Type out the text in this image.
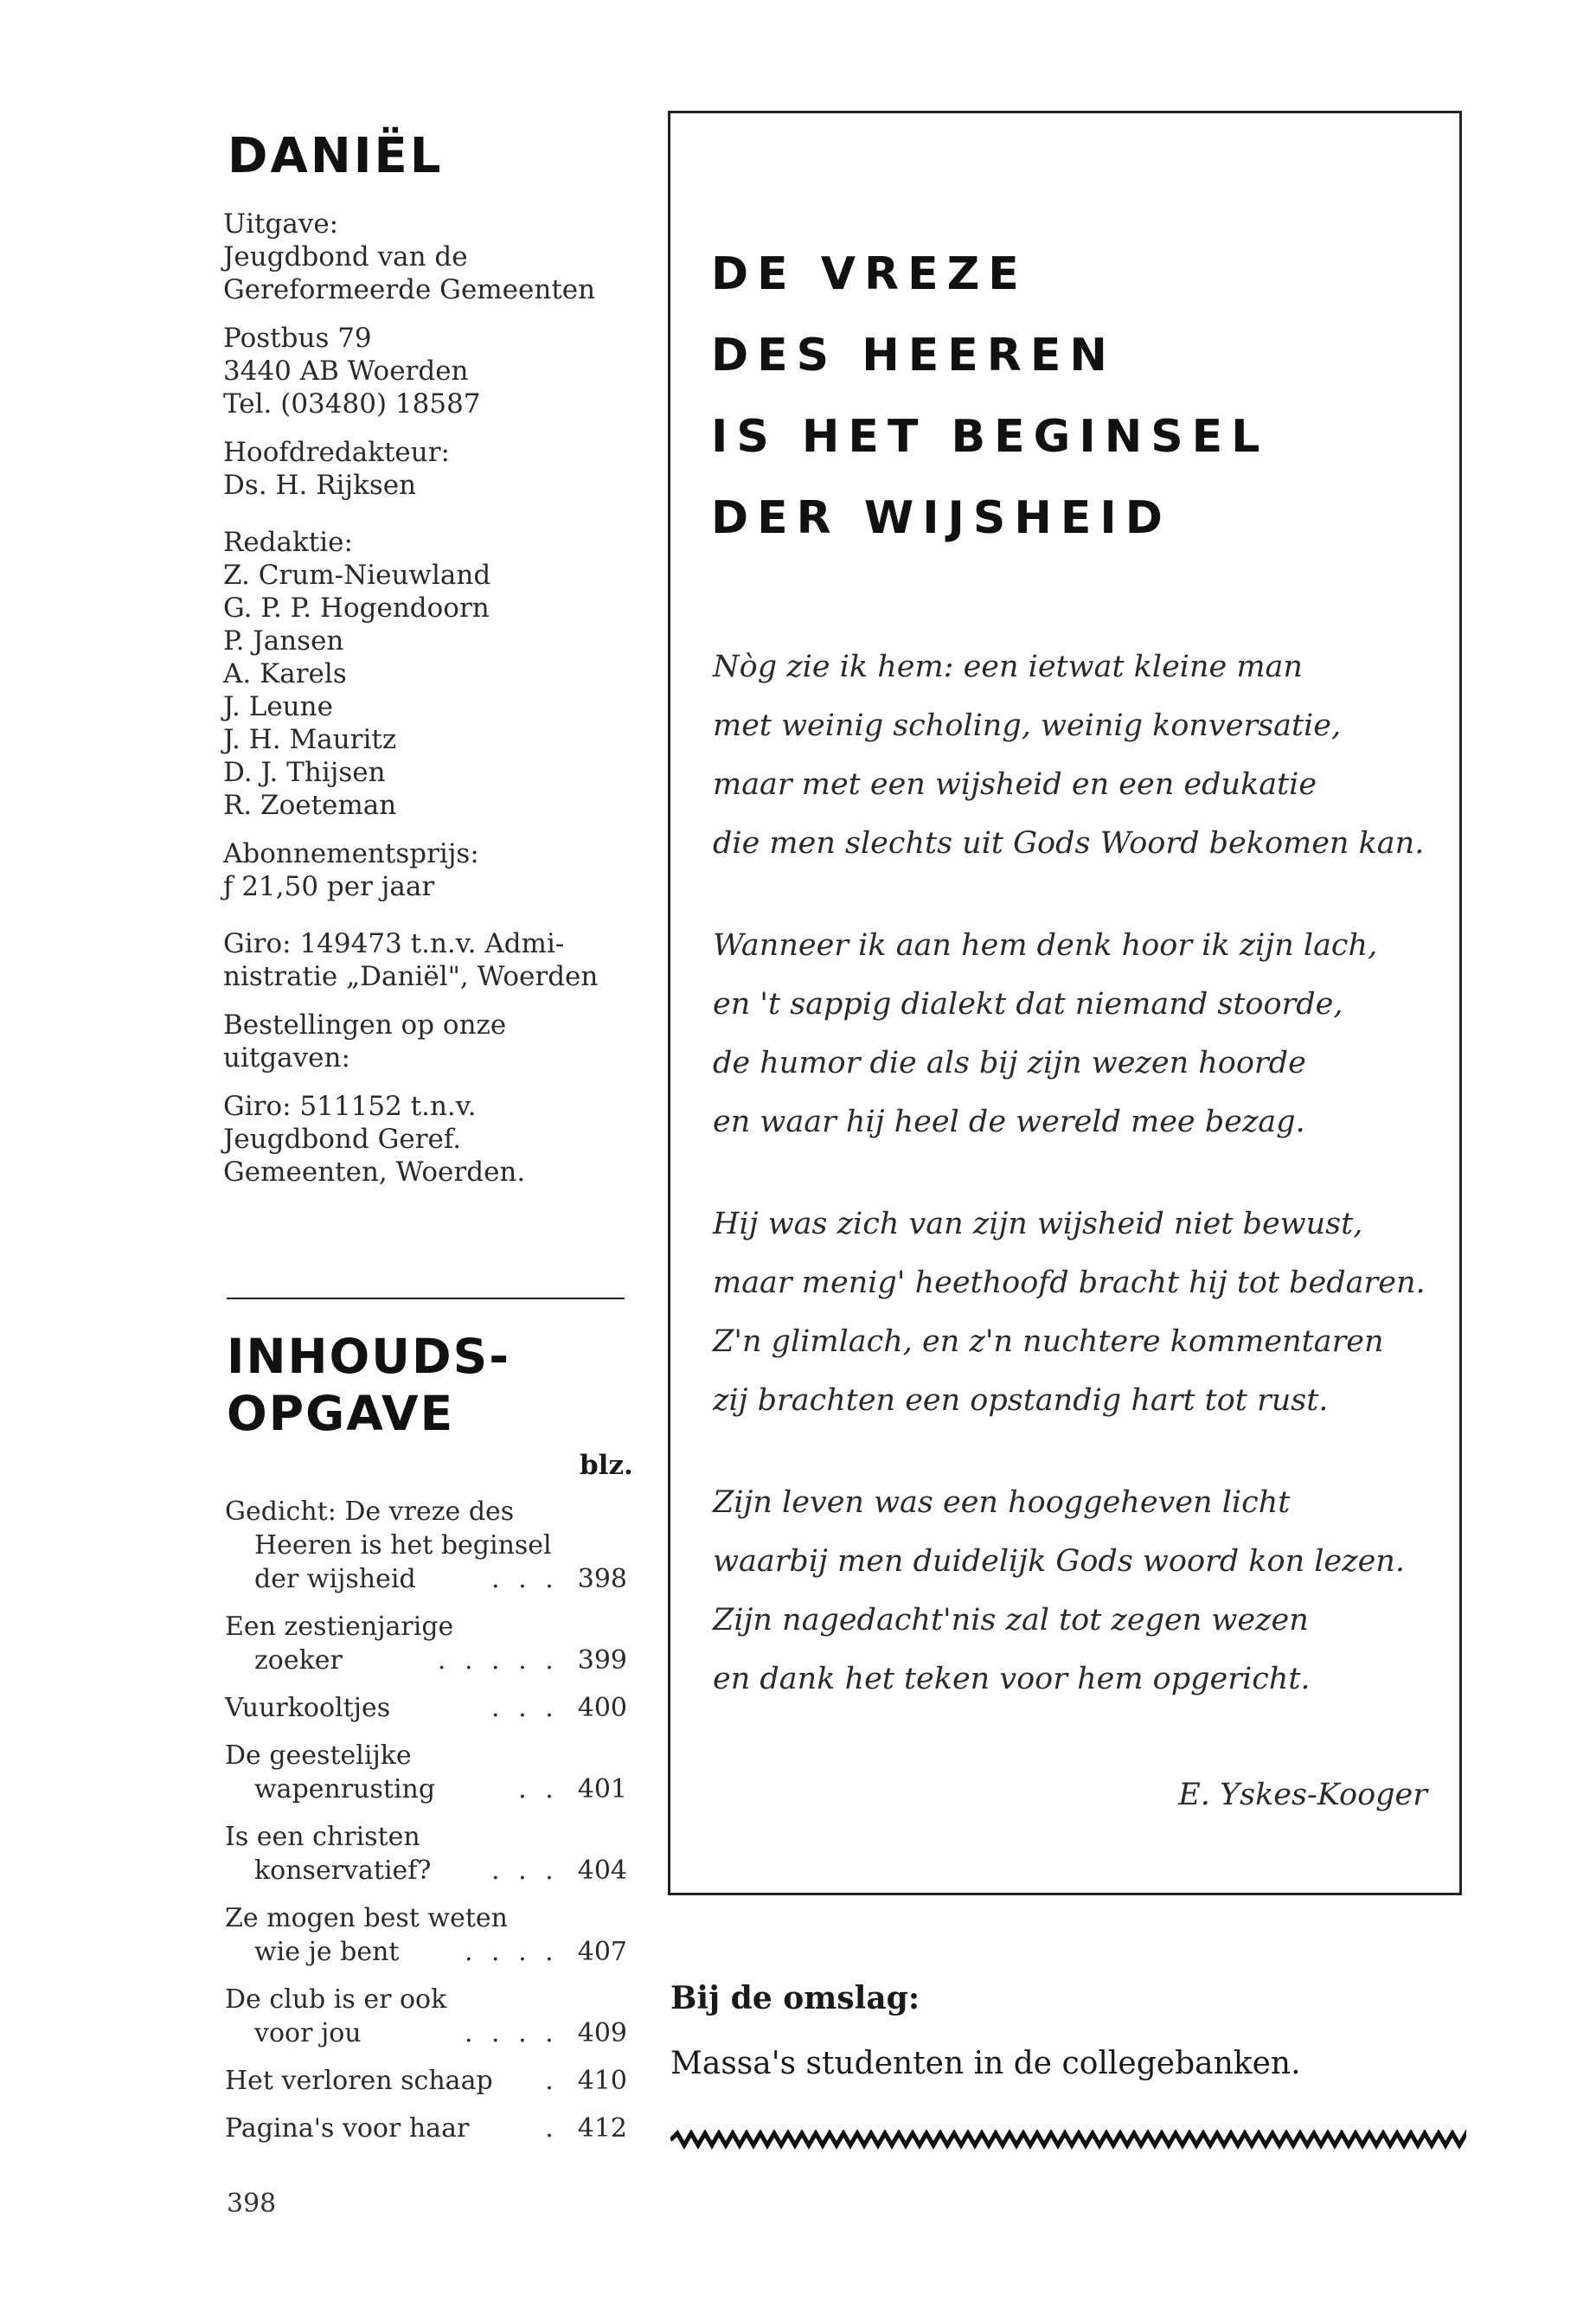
DANIËL
Uitgave:
Jeugdbond van de
Gereformeerde Gemeenten
Postbus 79
3440 AB Woerden
Tel. (03480) 18587
Hoofdredakteur:
Ds. H. Rijksen
Redaktie:
Z. Crum-Nieuwland
G. P. P. Hogendoorn
P. Jansen
A. Karels
J. Leune
J. H. Mauritz
D. J. Thijsen
R. Zoeteman
Abonnementsprijs:
ƒ 21,50 per jaar
Giro: 149473 t.n.v. Admi-
nistratie „Daniël", Woerden
Bestellingen op onze
uitgaven:
Giro: 511152 t.n.v.
Jeugdbond Geref.
Gemeenten, Woerden.
INHOUDS-
OPGAVE
blz.
Gedicht: De vreze des
Heeren is het beginsel
der wijsheid	. . . 398
Een zestienjarige
zoeker	. . . . . 399
Vuurkooltjes	. . . 400
De geestelijke
wapenrusting	. . 401
Is een christen
konservatief?	. . . 404
Ze mogen best weten
wie je bent	. . . . 407
De club is er ook
voor jou	. . . . 409
Het verloren schaap	. 410
Pagina's voor haar	. 412
398
DE VREZE
DES HEEREN
IS HET BEGINSEL
DER WIJSHEID
Nòg zie ik hem: een ietwat kleine man
met weinig scholing, weinig konversatie,
maar met een wijsheid en een edukatie
die men slechts uit Gods Woord bekomen kan.
Wanneer ik aan hem denk hoor ik zijn lach,
en 't sappig dialekt dat niemand stoorde,
de humor die als bij zijn wezen hoorde
en waar hij heel de wereld mee bezag.
Hij was zich van zijn wijsheid niet bewust,
maar menig' heethoofd bracht hij tot bedaren.
Z'n glimlach, en z'n nuchtere kommentaren
zij brachten een opstandig hart tot rust.
Zijn leven was een hooggeheven licht
waarbij men duidelijk Gods woord kon lezen.
Zijn nagedacht'nis zal tot zegen wezen
en dank het teken voor hem opgericht.
E. Yskes-Kooger
Bij de omslag:
Massa's studenten in de collegebanken.
